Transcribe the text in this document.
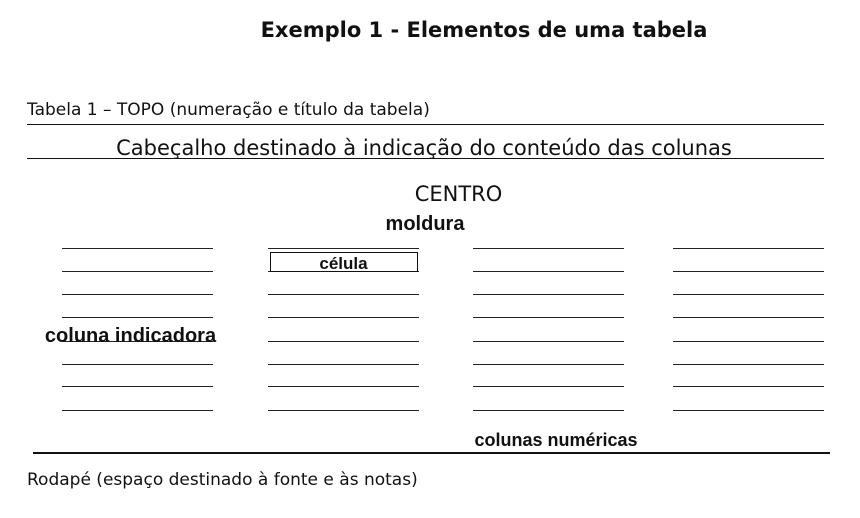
Exemplo 1 - Elementos de uma tabela

Tabela 1 – TOPO (numeração e título da tabela)

Cabeçalho destinado à indicação do conteúdo das colunas

CENTRO

moldura

célula

coluna indicadora

colunas numéricas

Rodapé (espaço destinado à fonte e às notas)
